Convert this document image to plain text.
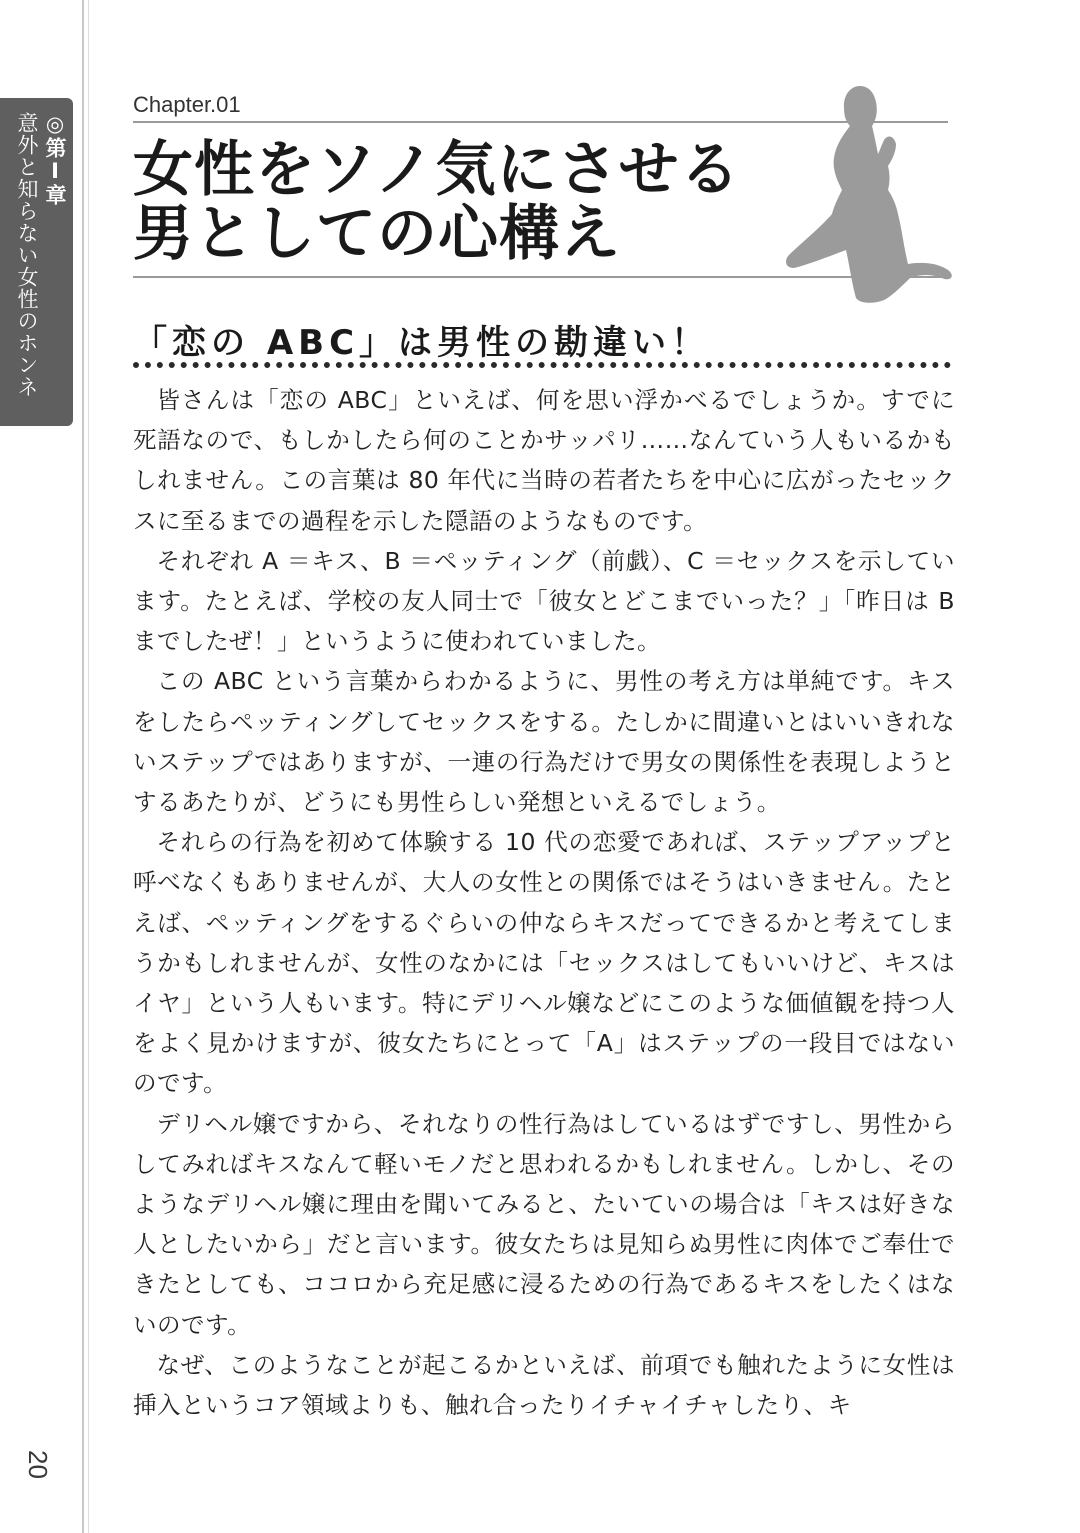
◎第Ⅰ章
意外と知らない女性のホンネ
20
Chapter.01
女性をソノ気にさせる
男としての心構え
「恋の ABC」は男性の勘違い！

皆さんは「恋の ABC」といえば、何を思い浮かべるでしょうか。すでに死語なので、もしかしたら何のことかサッパリ……なんていう人もいるかもしれません。この言葉は 80 年代に当時の若者たちを中心に広がったセックスに至るまでの過程を示した隠語のようなものです。

それぞれ A ＝キス、B ＝ペッティング（前戯）、C ＝セックスを示しています。たとえば、学校の友人同士で「彼女とどこまでいった？」「昨日は B までしたぜ！」というように使われていました。

この ABC という言葉からわかるように、男性の考え方は単純です。キスをしたらペッティングしてセックスをする。たしかに間違いとはいいきれないステップではありますが、一連の行為だけで男女の関係性を表現しようとするあたりが、どうにも男性らしい発想といえるでしょう。

それらの行為を初めて体験する 10 代の恋愛であれば、ステップアップと呼べなくもありませんが、大人の女性との関係ではそうはいきません。たとえば、ペッティングをするぐらいの仲ならキスだってできるかと考えてしまうかもしれませんが、女性のなかには「セックスはしてもいいけど、キスはイヤ」という人もいます。特にデリヘル嬢などにこのような価値観を持つ人をよく見かけますが、彼女たちにとって「A」はステップの一段目ではないのです。

デリヘル嬢ですから、それなりの性行為はしているはずですし、男性からしてみればキスなんて軽いモノだと思われるかもしれません。しかし、そのようなデリヘル嬢に理由を聞いてみると、たいていの場合は「キスは好きな人としたいから」だと言います。彼女たちは見知らぬ男性に肉体でご奉仕できたとしても、ココロから充足感に浸るための行為であるキスをしたくはないのです。

なぜ、このようなことが起こるかといえば、前項でも触れたように女性は挿入というコア領域よりも、触れ合ったりイチャイチャしたり、キ
